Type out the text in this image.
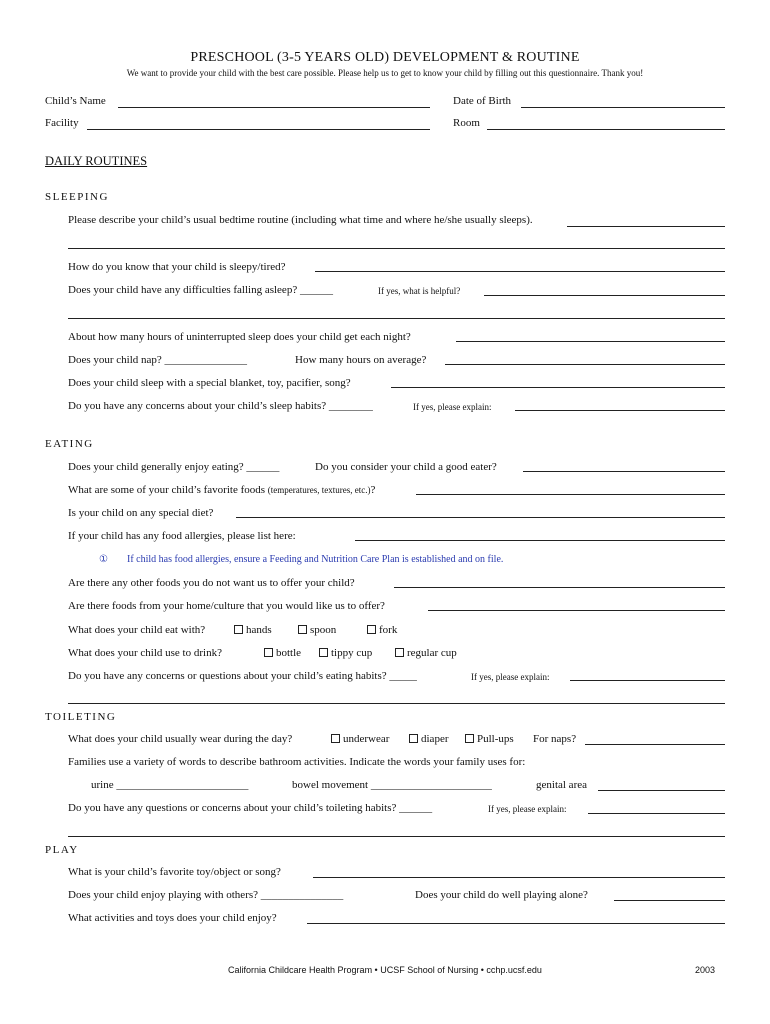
PRESCHOOL (3-5 YEARS OLD) DEVELOPMENT & ROUTINE
We want to provide your child with the best care possible. Please help us to get to know your child by filling out this questionnaire. Thank you!
Child’s Name	Date of Birth
Facility	Room
DAILY ROUTINES
SLEEPING
Please describe your child’s usual bedtime routine (including what time and where he/she usually sleeps).
How do you know that your child is sleepy/tired?
Does your child have any difficulties falling asleep? ______	If yes, what is helpful?
About how many hours of uninterrupted sleep does your child get each night?
Does your child nap? _______________	How many hours on average?
Does your child sleep with a special blanket, toy, pacifier, song?
Do you have any concerns about your child’s sleep habits? ________	If yes, please explain:
EATING
Does your child generally enjoy eating? ______	Do you consider your child a good eater?
What are some of your child’s favorite foods (temperatures, textures, etc.)?
Is your child on any special diet?
If your child has any food allergies, please list here:
① If child has food allergies, ensure a Feeding and Nutrition Care Plan is established and on file.
Are there any other foods you do not want us to offer your child?
Are there foods from your home/culture that you would like us to offer?
What does your child eat with?	hands	spoon	fork
What does your child use to drink?	bottle	tippy cup	regular cup
Do you have any concerns or questions about your child’s eating habits? _____	If yes, please explain:
TOILETING
What does your child usually wear during the day?	underwear	diaper	Pull-ups For naps?
Families use a variety of words to describe bathroom activities. Indicate the words your family uses for:
urine ________________________	bowel movement ______________________	genital area
Do you have any questions or concerns about your child’s toileting habits? ______	If yes, please explain:
PLAY
What is your child’s favorite toy/object or song?
Does your child enjoy playing with others? _______________	Does your child do well playing alone?
What activities and toys does your child enjoy?
California Childcare Health Program • UCSF School of Nursing • cchp.ucsf.edu	2003
